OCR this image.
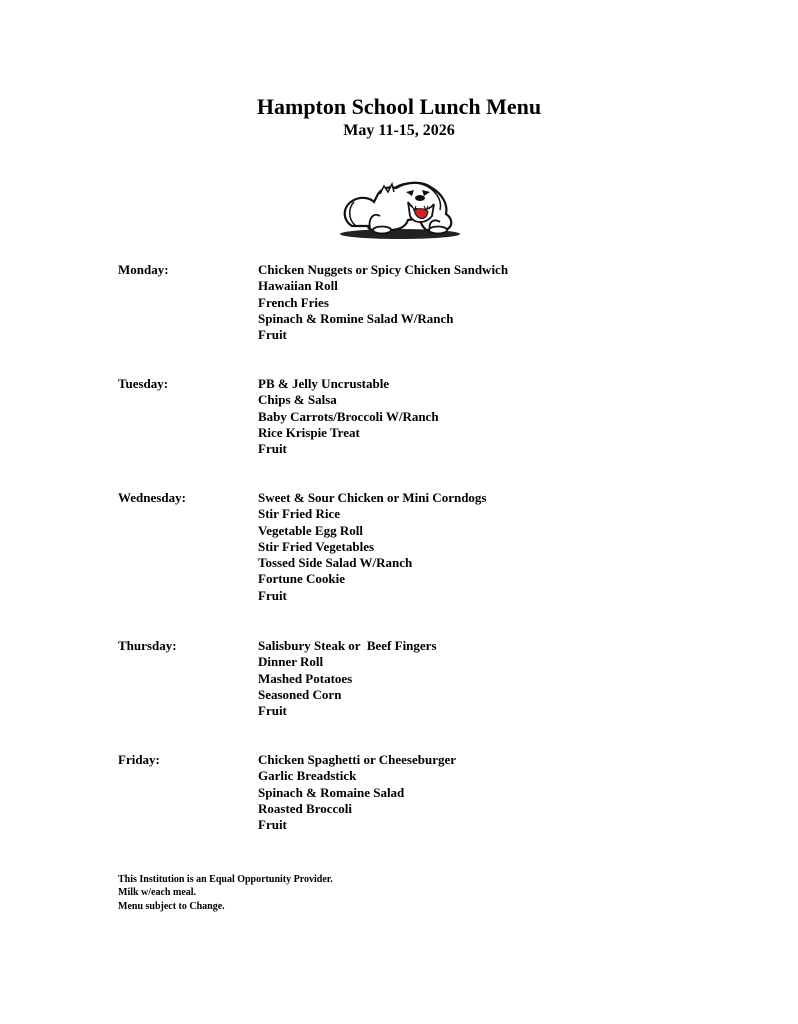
Hampton School Lunch Menu
May 11-15, 2026
Monday:	Chicken Nuggets or Spicy Chicken Sandwich
Hawaiian Roll
French Fries
Spinach & Romine Salad W/Ranch
Fruit
Tuesday:	PB & Jelly Uncrustable
Chips & Salsa
Baby Carrots/Broccoli W/Ranch
Rice Krispie Treat
Fruit
Wednesday:	Sweet & Sour Chicken or Mini Corndogs
Stir Fried Rice
Vegetable Egg Roll
Stir Fried Vegetables
Tossed Side Salad W/Ranch
Fortune Cookie
Fruit
Thursday:	Salisbury Steak or  Beef Fingers
Dinner Roll
Mashed Potatoes
Seasoned Corn
Fruit
Friday:	Chicken Spaghetti or Cheeseburger
Garlic Breadstick
Spinach & Romaine Salad
Roasted Broccoli
Fruit
This Institution is an Equal Opportunity Provider.
Milk w/each meal.
Menu subject to Change.
